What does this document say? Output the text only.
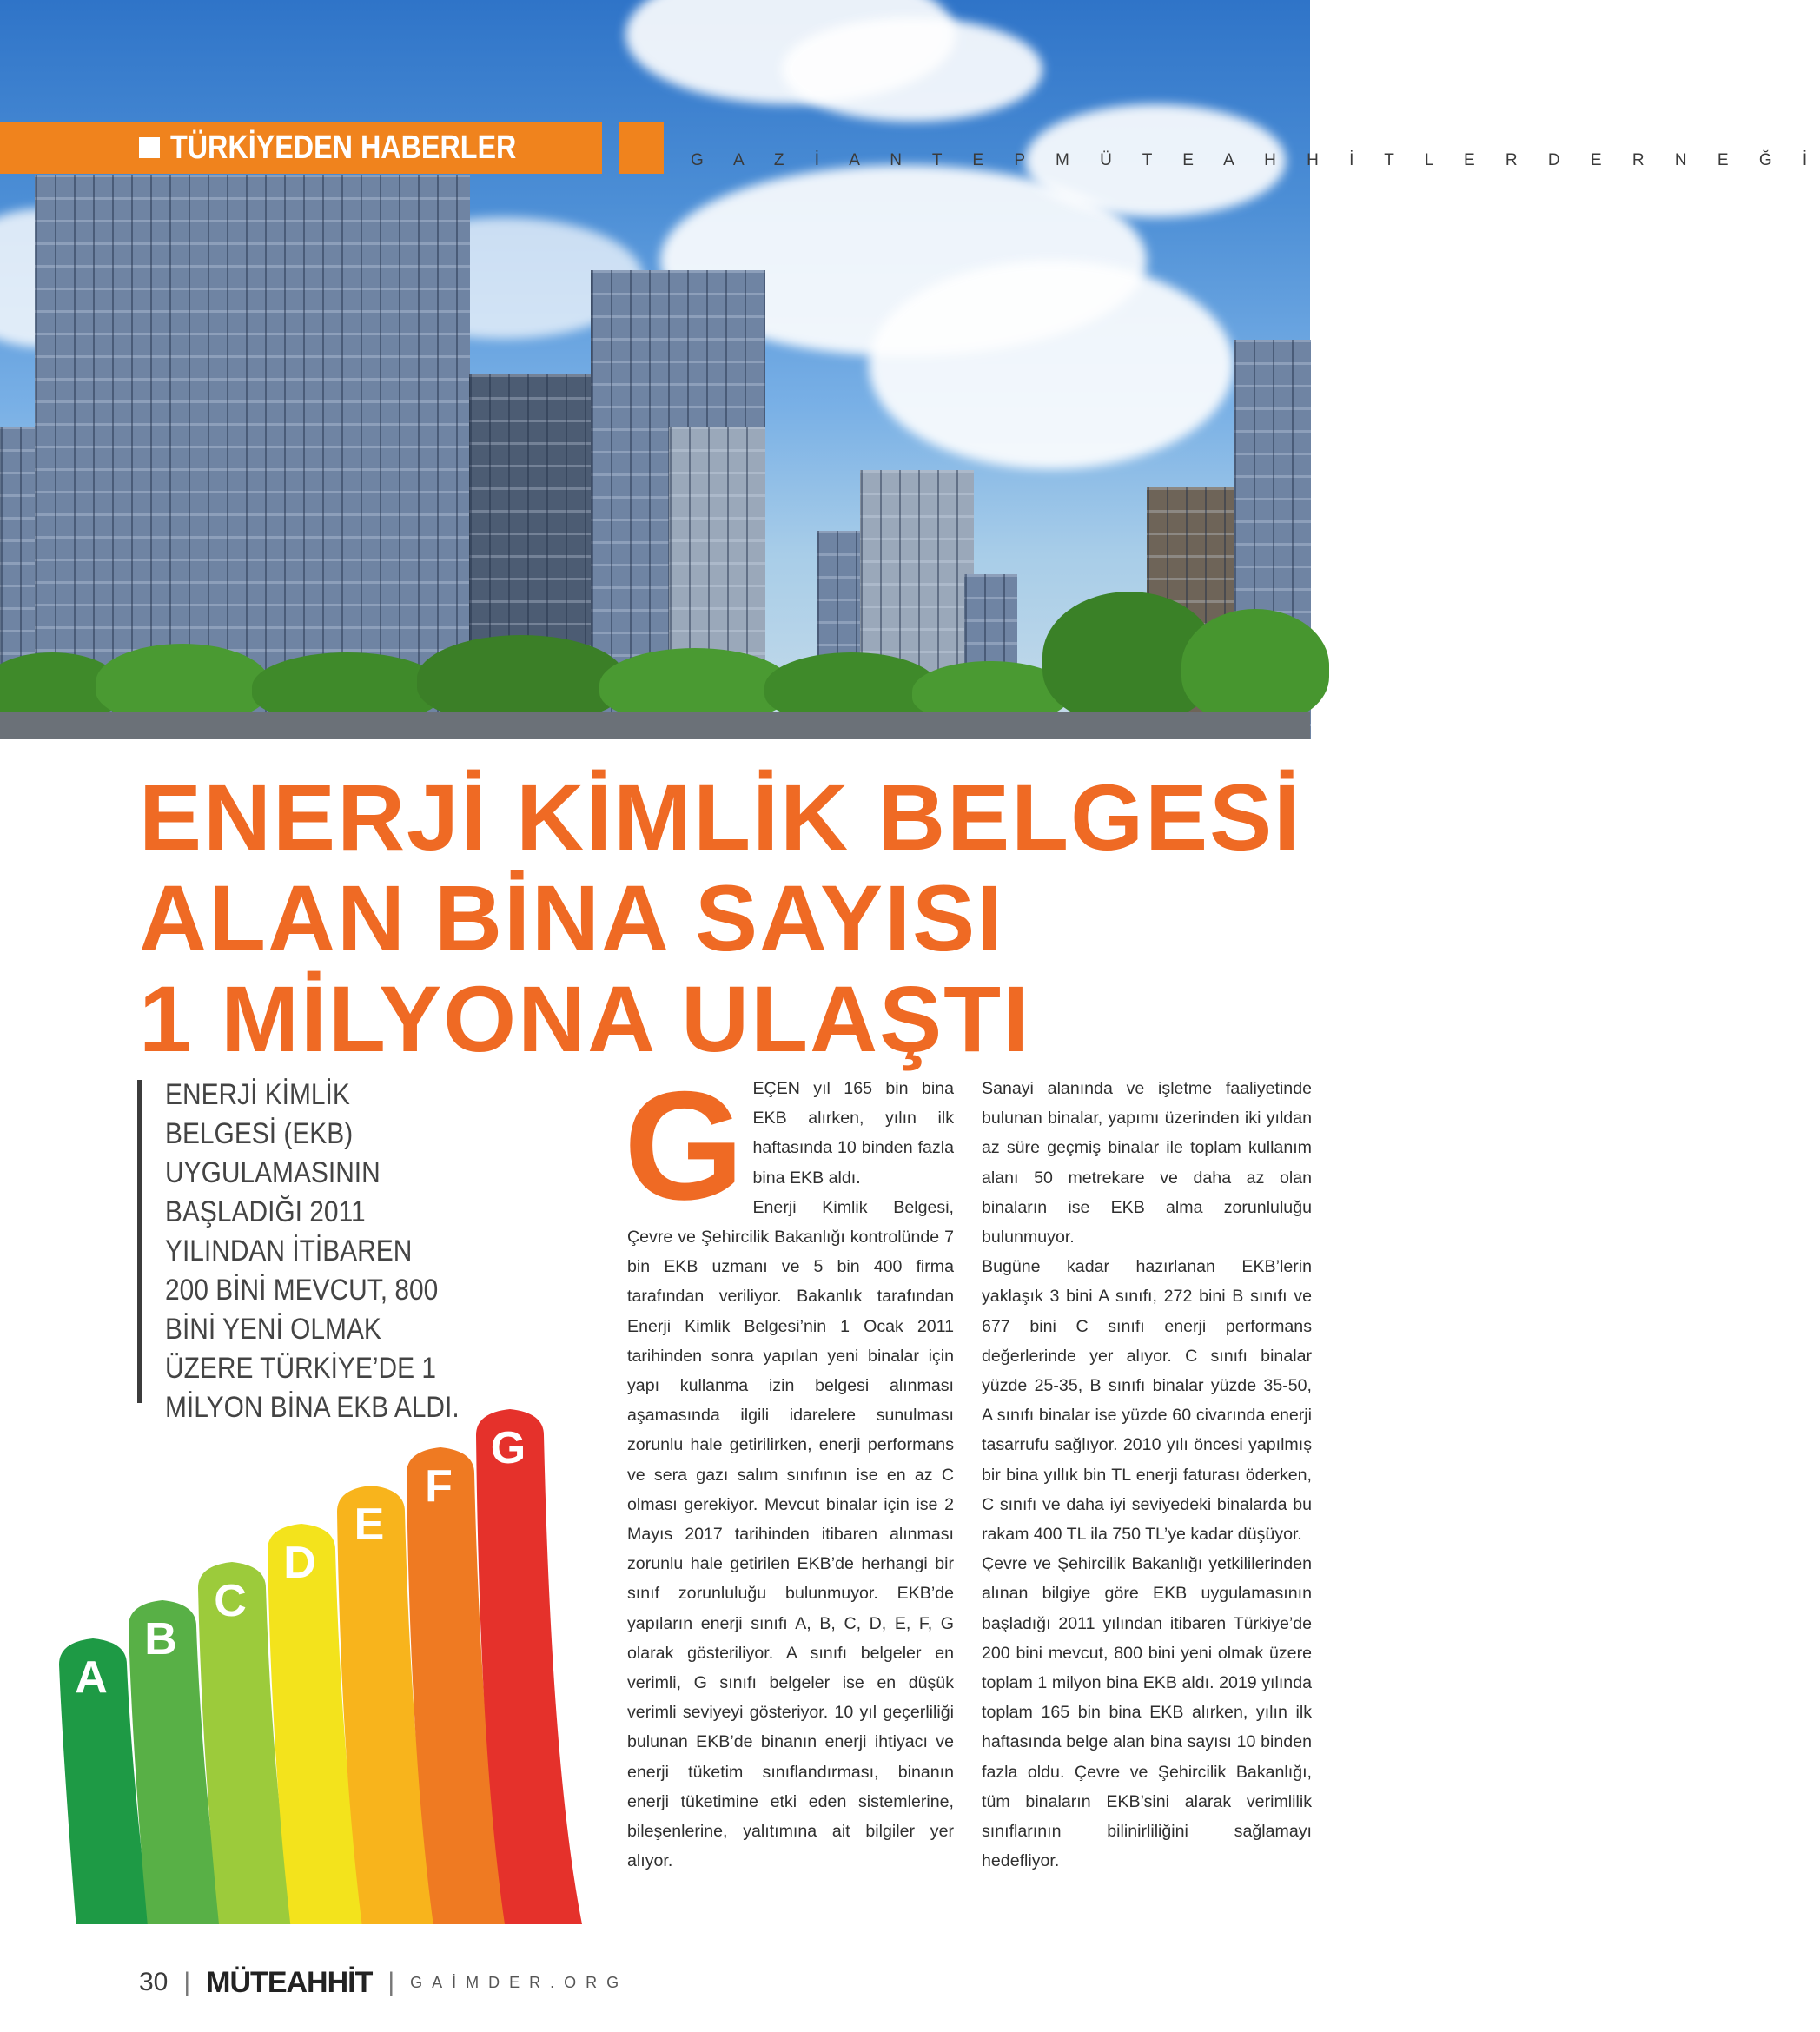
TÜRKİYEDEN HABERLER	G A Z İ A N T E P M Ü T E A H H İ T L E R D E R N E Ğ İ
ENERJİ KİMLİK BELGESİ
ALAN BİNA SAYISI
1 MİLYONA ULAŞTI

ENERJİ KİMLİK BELGESİ (EKB) UYGULAMASININ BAŞLADIĞI 2011 YILINDAN İTİBAREN 200 BİNİ MEVCUT, 800 BİNİ YENİ OLMAK ÜZERE TÜRKİYE’DE 1 MİLYON BİNA EKB ALDI.

A
B
C
D
E
F
G
G EÇEN yıl 165 bin bina EKB alırken, yılın ilk haftasında 10 binden fazla bina EKB aldı.

Enerji Kimlik Belgesi, Çevre ve Şehircilik Bakanlığı kontrolünde 7 bin EKB uzmanı ve 5 bin 400 firma tarafından veriliyor. Bakanlık tarafından Enerji Kimlik Belgesi’nin 1 Ocak 2011 tarihinden sonra yapılan yeni binalar için yapı kullanma izin belgesi alınması aşamasında ilgili idarelere sunulması zorunlu hale getirilirken, enerji performans ve sera gazı salım sınıfının ise en az C olması gerekiyor. Mevcut binalar için ise 2 Mayıs 2017 tarihinden itibaren alınması zorunlu hale getirilen EKB’de herhangi bir sınıf zorunluluğu bulunmuyor. EKB’de yapıların enerji sınıfı A, B, C, D, E, F, G olarak gösteriliyor. A sınıfı belgeler en verimli, G sınıfı belgeler ise en düşük verimli seviyeyi gösteriyor. 10 yıl geçerliliği bulunan EKB’de binanın enerji ihtiyacı ve enerji tüketim sınıflandırması, binanın enerji tüketimine etki eden sistemlerine, bileşenlerine, yalıtımına ait bilgiler yer alıyor.

Sanayi alanında ve işletme faaliyetinde bulunan binalar, yapımı üzerinden iki yıldan az süre geçmiş binalar ile toplam kullanım alanı 50 metrekare ve daha az olan binaların ise EKB alma zorunluluğu bulunmuyor.

Bugüne kadar hazırlanan EKB’lerin yaklaşık 3 bini A sınıfı, 272 bini B sınıfı ve 677 bini C sınıfı enerji performans değerlerinde yer alıyor. C sınıfı binalar yüzde 25-35, B sınıfı binalar yüzde 35-50, A sınıfı binalar ise yüzde 60 civarında enerji tasarrufu sağlıyor. 2010 yılı öncesi yapılmış bir bina yıllık bin TL enerji faturası öderken, C sınıfı ve daha iyi seviyedeki binalarda bu rakam 400 TL ila 750 TL’ye kadar düşüyor.

Çevre ve Şehircilik Bakanlığı yetkililerinden alınan bilgiye göre EKB uygulamasının başladığı 2011 yılından itibaren Türkiye’de 200 bini mevcut, 800 bini yeni olmak üzere toplam 1 milyon bina EKB aldı. 2019 yılında toplam 165 bin bina EKB alırken, yılın ilk haftasında belge alan bina sayısı 10 binden fazla oldu. Çevre ve Şehircilik Bakanlığı, tüm binaların EKB’sini alarak verimlilik sınıflarının bilinirliliğini sağlamayı hedefliyor.

30 | MÜTEAHHİT | GAİMDER.ORG
